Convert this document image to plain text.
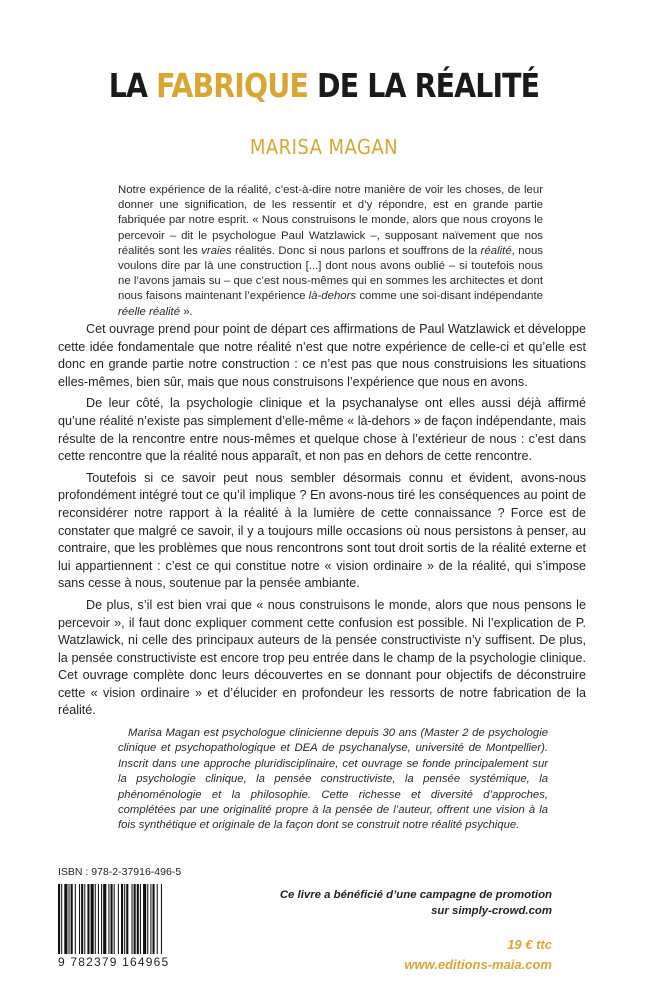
LA FABRIQUE DE LA RÉALITÉ
MARISA MAGAN
Notre expérience de la réalité, c’est-à-dire notre manière de voir les choses, de leur donner une signification, de les ressentir et d’y répondre, est en grande partie fabriquée par notre esprit. « Nous construisons le monde, alors que nous croyons le percevoir – dit le psychologue Paul Watzlawick –, supposant naïvement que nos réalités sont les vraies réalités. Donc si nous parlons et souffrons de la réalité, nous voulons dire par là une construction [...] dont nous avons oublié – si toutefois nous ne l’avons jamais su – que c’est nous-mêmes qui en sommes les architectes et dont nous faisons maintenant l’expérience là-dehors comme une soi-disant indépendante réelle réalité ».

Cet ouvrage prend pour point de départ ces affirmations de Paul Watzlawick et développe cette idée fondamentale que notre réalité n’est que notre expérience de celle-ci et qu’elle est donc en grande partie notre construction : ce n’est pas que nous construisions les situations elles-mêmes, bien sûr, mais que nous construisons l’expérience que nous en avons.

De leur côté, la psychologie clinique et la psychanalyse ont elles aussi déjà affirmé qu’une réalité n’existe pas simplement d’elle-même « là-dehors » de façon indépendante, mais résulte de la rencontre entre nous-mêmes et quelque chose à l’extérieur de nous : c’est dans cette rencontre que la réalité nous apparaît, et non pas en dehors de cette rencontre.

Toutefois si ce savoir peut nous sembler désormais connu et évident, avons-nous profondément intégré tout ce qu’il implique ? En avons-nous tiré les conséquences au point de reconsidérer notre rapport à la réalité à la lumière de cette connaissance ? Force est de constater que malgré ce savoir, il y a toujours mille occasions où nous persistons à penser, au contraire, que les problèmes que nous rencontrons sont tout droit sortis de la réalité externe et lui appartiennent : c’est ce qui constitue notre « vision ordinaire » de la réalité, qui s’impose sans cesse à nous, soutenue par la pensée ambiante.

De plus, s’il est bien vrai que « nous construisons le monde, alors que nous pensons le percevoir », il faut donc expliquer comment cette confusion est possible. Ni l’explication de P. Watzlawick, ni celle des principaux auteurs de la pensée constructiviste n’y suffisent. De plus, la pensée constructiviste est encore trop peu entrée dans le champ de la psychologie clinique. Cet ouvrage complète donc leurs découvertes en se donnant pour objectifs de déconstruire cette « vision ordinaire » et d’élucider en profondeur les ressorts de notre fabrication de la réalité.

Marisa Magan est psychologue clinicienne depuis 30 ans (Master 2 de psychologie clinique et psychopathologique et DEA de psychanalyse, université de Montpellier). Inscrit dans une approche pluridisciplinaire, cet ouvrage se fonde principalement sur la psychologie clinique, la pensée constructiviste, la pensée systémique, la phénoménologie et la philosophie. Cette richesse et diversité d’approches, complétées par une originalité propre à la pensée de l’auteur, offrent une vision à la fois synthétique et originale de la façon dont se construit notre réalité psychique.
ISBN : 978-2-37916-496-5
9 782379 164965
Ce livre a bénéficié d’une campagne de promotion
sur simply-crowd.com
19 € ttc
www.editions-maia.com
